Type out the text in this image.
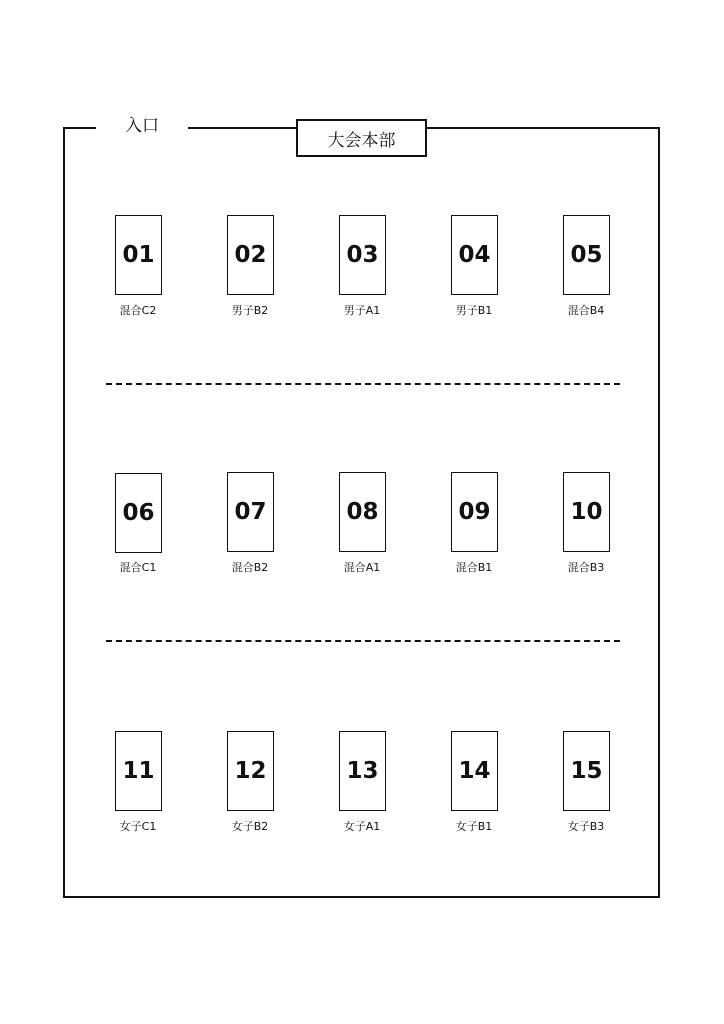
入口
大会本部
01
混合C2
02
男子B2
03
男子A1
04
男子B1
05
混合B4
06
混合C1
07
混合B2
08
混合A1
09
混合B1
10
混合B3
11
女子C1
12
女子B2
13
女子A1
14
女子B1
15
女子B3
